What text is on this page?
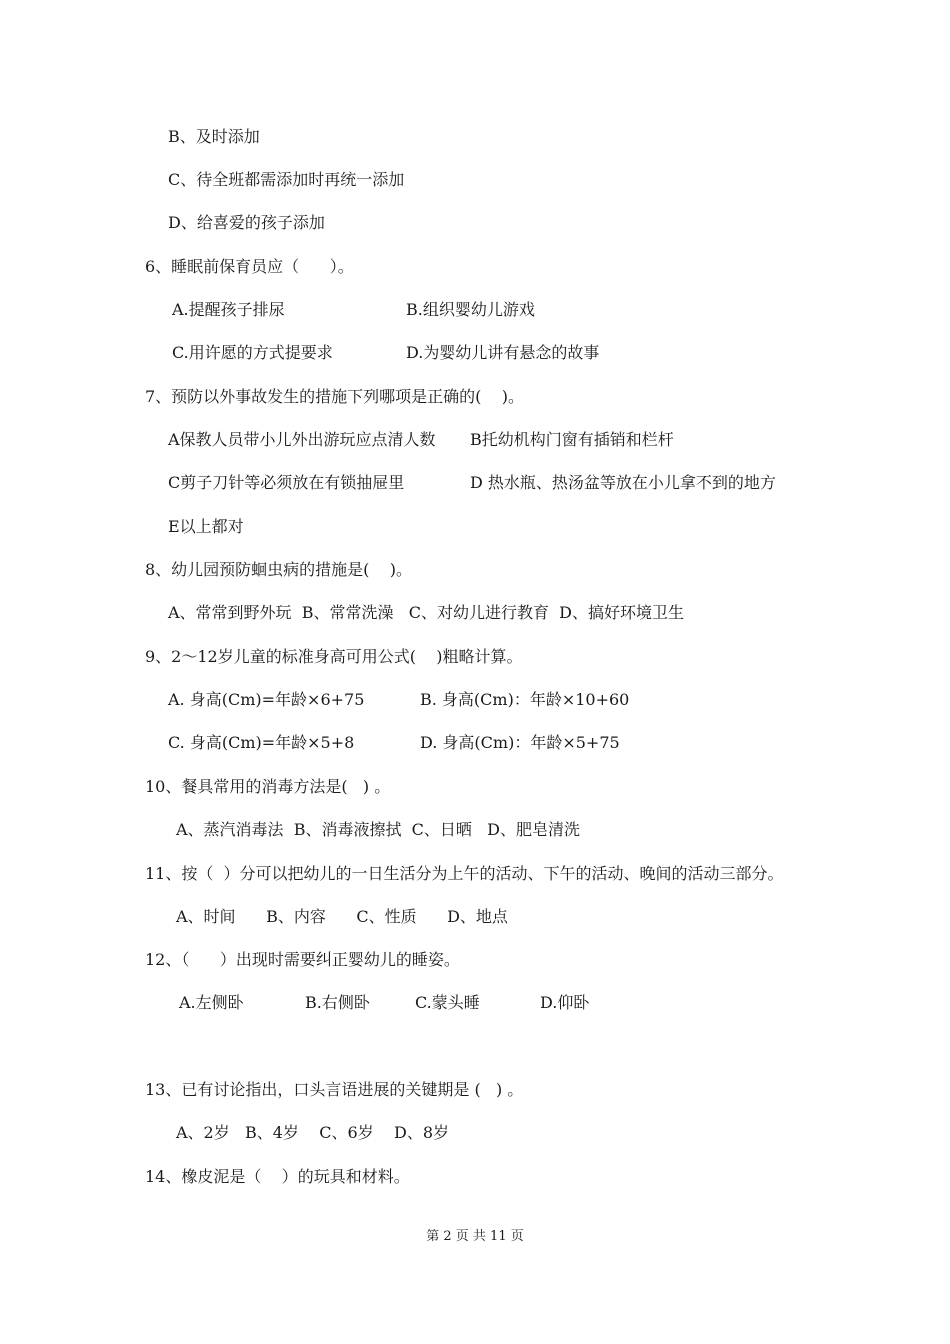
B、及时添加
C、待全班都需添加时再统一添加
D、给喜爱的孩子添加
6、睡眠前保育员应（      ）。
A.提醒孩子排尿	B.组织婴幼儿游戏
C.用许愿的方式提要求	D.为婴幼儿讲有悬念的故事
7、预防以外事故发生的措施下列哪项是正确的(    )。
A保教人员带小儿外出游玩应点清人数 B托幼机构门窗有插销和栏杆
C剪子刀针等必须放在有锁抽屉里	D 热水瓶、热汤盆等放在小儿拿不到的地方
E以上都对
8、幼儿园预防蛔虫病的措施是(    )。
A、常常到野外玩  B、常常洗澡   C、对幼儿进行教育  D、搞好环境卫生
9、2～12岁儿童的标准身高可用公式(    )粗略计算。
A. 身高(Cm)=年龄×6+75	B. 身高(Cm)：年龄×10+60
C. 身高(Cm)=年龄×5+8	D. 身高(Cm)：年龄×5+75
10、餐具常用的消毒方法是(   ) 。
A、蒸汽消毒法  B、消毒液擦拭  C、日晒   D、肥皂清洗
11、按（  ）分可以把幼儿的一日生活分为上午的活动、下午的活动、晚间的活动三部分。
A、时间      B、内容      C、性质      D、地点
12、（      ）出现时需要纠正婴幼儿的睡姿。
A.左侧卧	B.右侧卧	C.蒙头睡	D.仰卧
13、已有讨论指出，口头言语进展的关键期是 (   ) 。
A、2岁   B、4岁    C、6岁    D、8岁
14、橡皮泥是（    ）的玩具和材料。
第 2 页 共 11 页
